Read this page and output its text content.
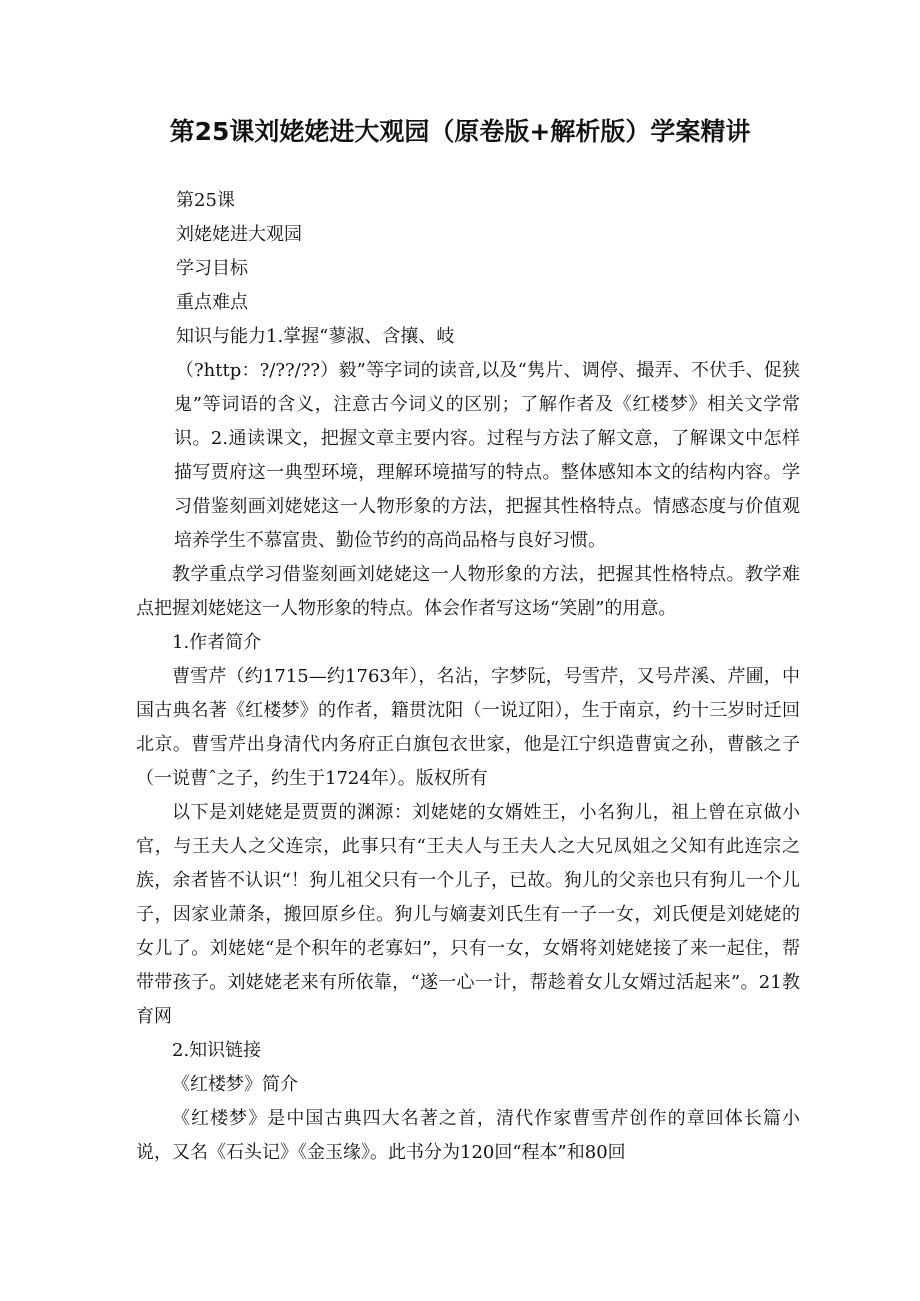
第25课刘姥姥进大观园（原卷版+解析版）学案精讲

第25课

刘姥姥进大观园

学习目标

重点难点

知识与能力1.掌握“蓼淑、含攘、岐

（?http：?/??/??）毅”等字词的读音,以及“隽片、调停、撮弄、不伏手、促狭鬼”等词语的含义，注意古今词义的区别；了解作者及《红楼梦》相关文学常识。2.通读课文，把握文章主要内容。过程与方法了解文意，了解课文中怎样描写贾府这一典型环境，理解环境描写的特点。整体感知本文的结构内容。学习借鉴刻画刘姥姥这一人物形象的方法，把握其性格特点。情感态度与价值观培养学生不慕富贵、勤俭节约的高尚品格与良好习惯。

教学重点学习借鉴刻画刘姥姥这一人物形象的方法，把握其性格特点。教学难点把握刘姥姥这一人物形象的特点。体会作者写这场“笑剧”的用意。

1.作者简介

曹雪芹（约1715—约1763年），名沾，字梦阮，号雪芹，又号芹溪、芹圃，中国古典名著《红楼梦》的作者，籍贯沈阳（一说辽阳），生于南京，约十三岁时迁回北京。曹雪芹出身清代内务府正白旗包衣世家，他是江宁织造曹寅之孙，曹骸之子（一说曹ˆ之子，约生于1724年）。版权所有

以下是刘姥姥是贾贾的渊源：刘姥姥的女婿姓王，小名狗儿，祖上曾在京做小官，与王夫人之父连宗，此事只有“王夫人与王夫人之大兄凤姐之父知有此连宗之族，余者皆不认识“！狗儿祖父只有一个儿子，已故。狗儿的父亲也只有狗儿一个儿子，因家业萧条，搬回原乡住。狗儿与嫡妻刘氏生有一子一女，刘氏便是刘姥姥的女儿了。刘姥姥“是个积年的老寡妇”，只有一女，女婿将刘姥姥接了来一起住，帮带带孩子。刘姥姥老来有所依靠，“遂一心一计，帮趁着女儿女婿过活起来”。21教育网

2.知识链接

《红楼梦》简介

《红楼梦》是中国古典四大名著之首，清代作家曹雪芹创作的章回体长篇小说，又名《石头记》《金玉缘》。此书分为120回“程本”和80回
